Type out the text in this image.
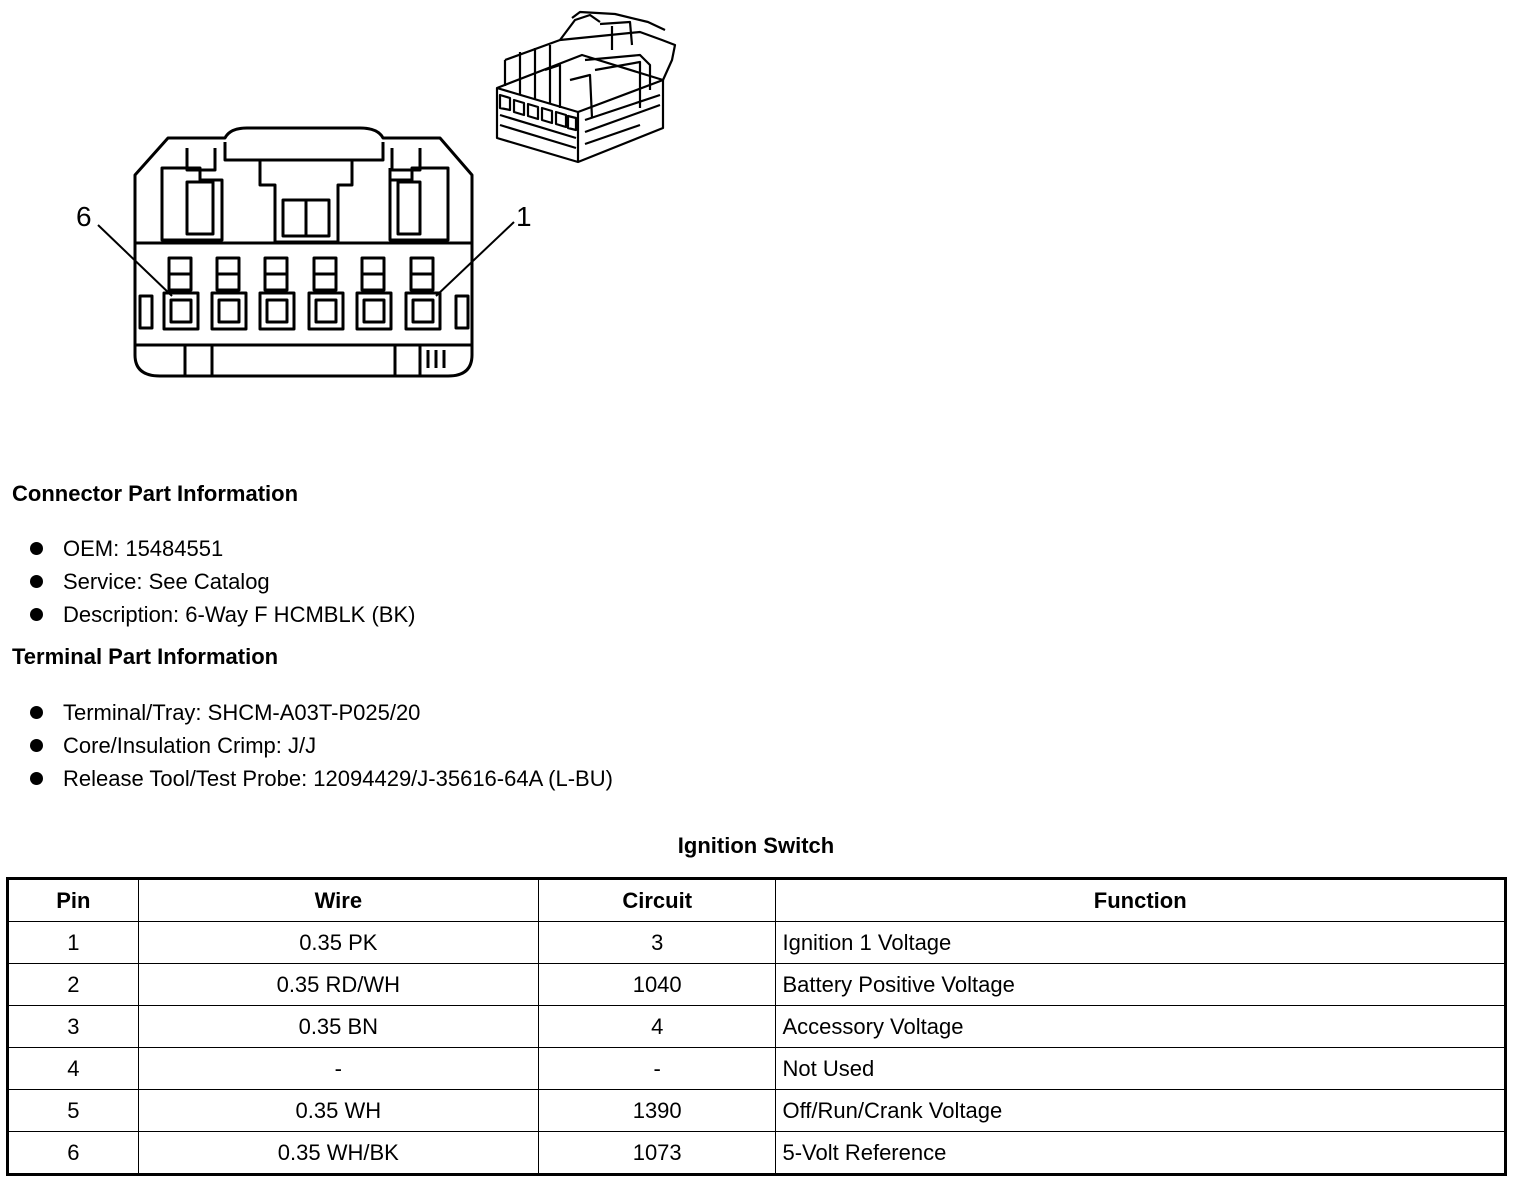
6	1
Connector Part Information
OEM: 15484551
Service: See Catalog
Description: 6-Way F HCMBLK (BK)
Terminal Part Information
Terminal/Tray: SHCM-A03T-P025/20
Core/Insulation Crimp: J/J
Release Tool/Test Probe: 12094429/J-35616-64A (L-BU)
Ignition Switch
Pin	Wire	Circuit	Function
1	0.35 PK	3	Ignition 1 Voltage
2	0.35 RD/WH	1040	Battery Positive Voltage
3	0.35 BN	4	Accessory Voltage
4	-	-	Not Used
5	0.35 WH	1390	Off/Run/Crank Voltage
6	0.35 WH/BK	1073	5-Volt Reference
